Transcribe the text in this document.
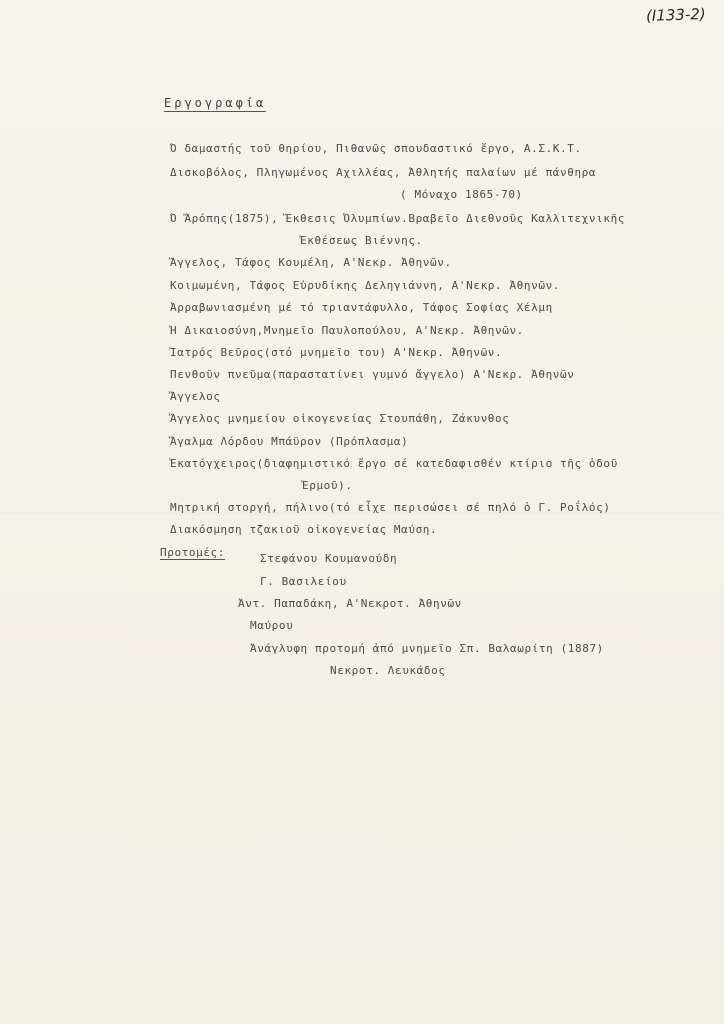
(Ι133-2)
Εργογραφία
Ό δαμαστής τοῦ θηρίου, Πιθανῶς σπουδαστικό ἔργο, Α.Σ.Κ.Τ.
Δισκοβόλος, Πληγωμένος Αχιλλέας, Ἀθλητής παλαίων μέ πάνθηρα
( Μόναχο 1865-70)
Ό Ἄρόπης(1875), Ἔκθεσις Ὀλυμπίων.Βραβεῖο Διεθνοῦς Καλλιτεχνικῆς
Ἐκθέσεως Βιέννης.
Ἄγγελος, Τάφος Κουμέλη, Α'Νεκρ. Ἀθηνῶν.
Κοιμωμένη, Τάφος Εὐρυδίκης Δεληγιάννη, Α'Νεκρ. Ἀθηνῶν.
Ἀρραβωνιασμένη μέ τό τριαντάφυλλο, Τάφος Σοφίας Χέλμη
Ἡ Δικαιοσύνη,Μνημεῖο Παυλοπούλου, Α'Νεκρ. Ἀθηνῶν.
Ἰατρός Βεῦρος(στό μνημεῖο του) Α'Νεκρ. Ἀθηνῶν.
Πενθοῦν πνεῦμα(παραστατίνει γυμνό ἄγγελο) Α'Νεκρ. Ἀθηνῶν
Ἄγγελος
Ἄγγελος μνημείου οἰκογενείας Στουπάθη, Ζάκυνθος
Ἄγαλμα Λόρδου Μπάϋρον (Πρόπλασμα)
Ἑκατόγχειρος(διαφημιστικό ἔργο σέ κατεδαφισθέν κτίριο τῆς ὁδοῦ
Ἑρμοῦ).
Μητρική στοργή, πήλινο(τό εἶχε περισώσει σέ πηλό ὁ Γ. Ροΐλός)
Διακόσμηση τζακιοῦ οἰκογενείας Μαύση.
Προτομές:	Στεφάνου Κουμανούδη
Γ. Βασιλείου
Ἀντ. Παπαδάκη, Α'Νεκροτ. Ἀθηνῶν
Μαύρου
Ἀνάγλυφη προτομή ἀπό μνημεῖο Σπ. Βαλαωρίτη (1887)
Νεκροτ. Λευκάδος
